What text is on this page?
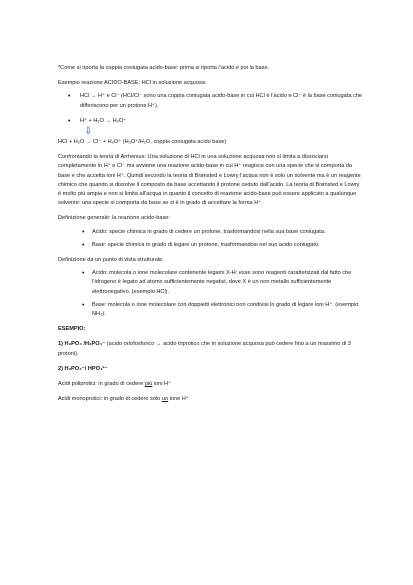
*Come si riporta la coppia coniugata acido-base: prima si riporta l’acido e poi la base.

Esempio reazione ACIDO-BASE: HCl in soluzione acquosa:

• HCl → H⁺ e Cl⁻ (HCl/Cl⁻ sono una coppia coniugata acido-base in cui HCl è l’acido e Cl⁻ è la base coniugata che differiscono per un protone H⁺).
• H⁺ + H₂O → H₃O⁺
⇩

HCl + H₂O → Cl⁻ + H₃O⁺ (H₃O⁺/H₂O, coppia coniugata acido base)

Confrontando la teoria di Arrhenius: Una soluzione di HCl in una soluzione acquosa non si limita a dissociarsi completamente in H⁺ e Cl⁻ ma avviene una reazione acido-base in cui H⁺ reagisce con una specie che si comporta da base e che accetta ioni H⁺. Quindi secondo la teoria di Brønsted e Lowry l’acqua non è solo un solvente ma è un reagente chimico che quando si dissolve il composto da base accettando il protone ceduto dall’acido. La teoria di Brønsted e Lowry è molto più ampia e non si limita all’acqua in quanto il concetto di reazione acido-base può essere applicato a qualunque solvente: una specie si comporta da base se si è in grado di accettare la forma H⁺.

Definizione generale: la reazione acido-base:

• Acido: specie chimica in grado di cedere un protone, trasformandosi nella sua base coniugata.
• Base: specie chimica in grado di legare un protone, trasformandosi nel suo acido coniugato.

Definizione da un punto di vista strutturale:

• Acido: molecola o ione molecolare contenente legami X-H: esse sono reagenti caratterizzati dal fatto che l’idrogeno è legato ad atomo sufficientemente negativi, dove X è un non metallo sufficientemente elettronegativo. (esempio HCl).
• Base: molecola o ione molecolare con doppietti elettronici non condivisi in grado di legare ioni H⁺. (esempio NH₃).

ESEMPIO:

1) H₃PO₄ /H₂PO₄⁻ (acido ortofosforico → acido triprotico che in soluzione acquosa può cedere fino a un massimo di 3 protoni).

2) H₂PO₄⁻/ HPO₄²⁻

Acidi poliprotici: in grado di cedere più ioni H⁺

Acidi monoprotici: in grado di cedere solo un ione H⁺
